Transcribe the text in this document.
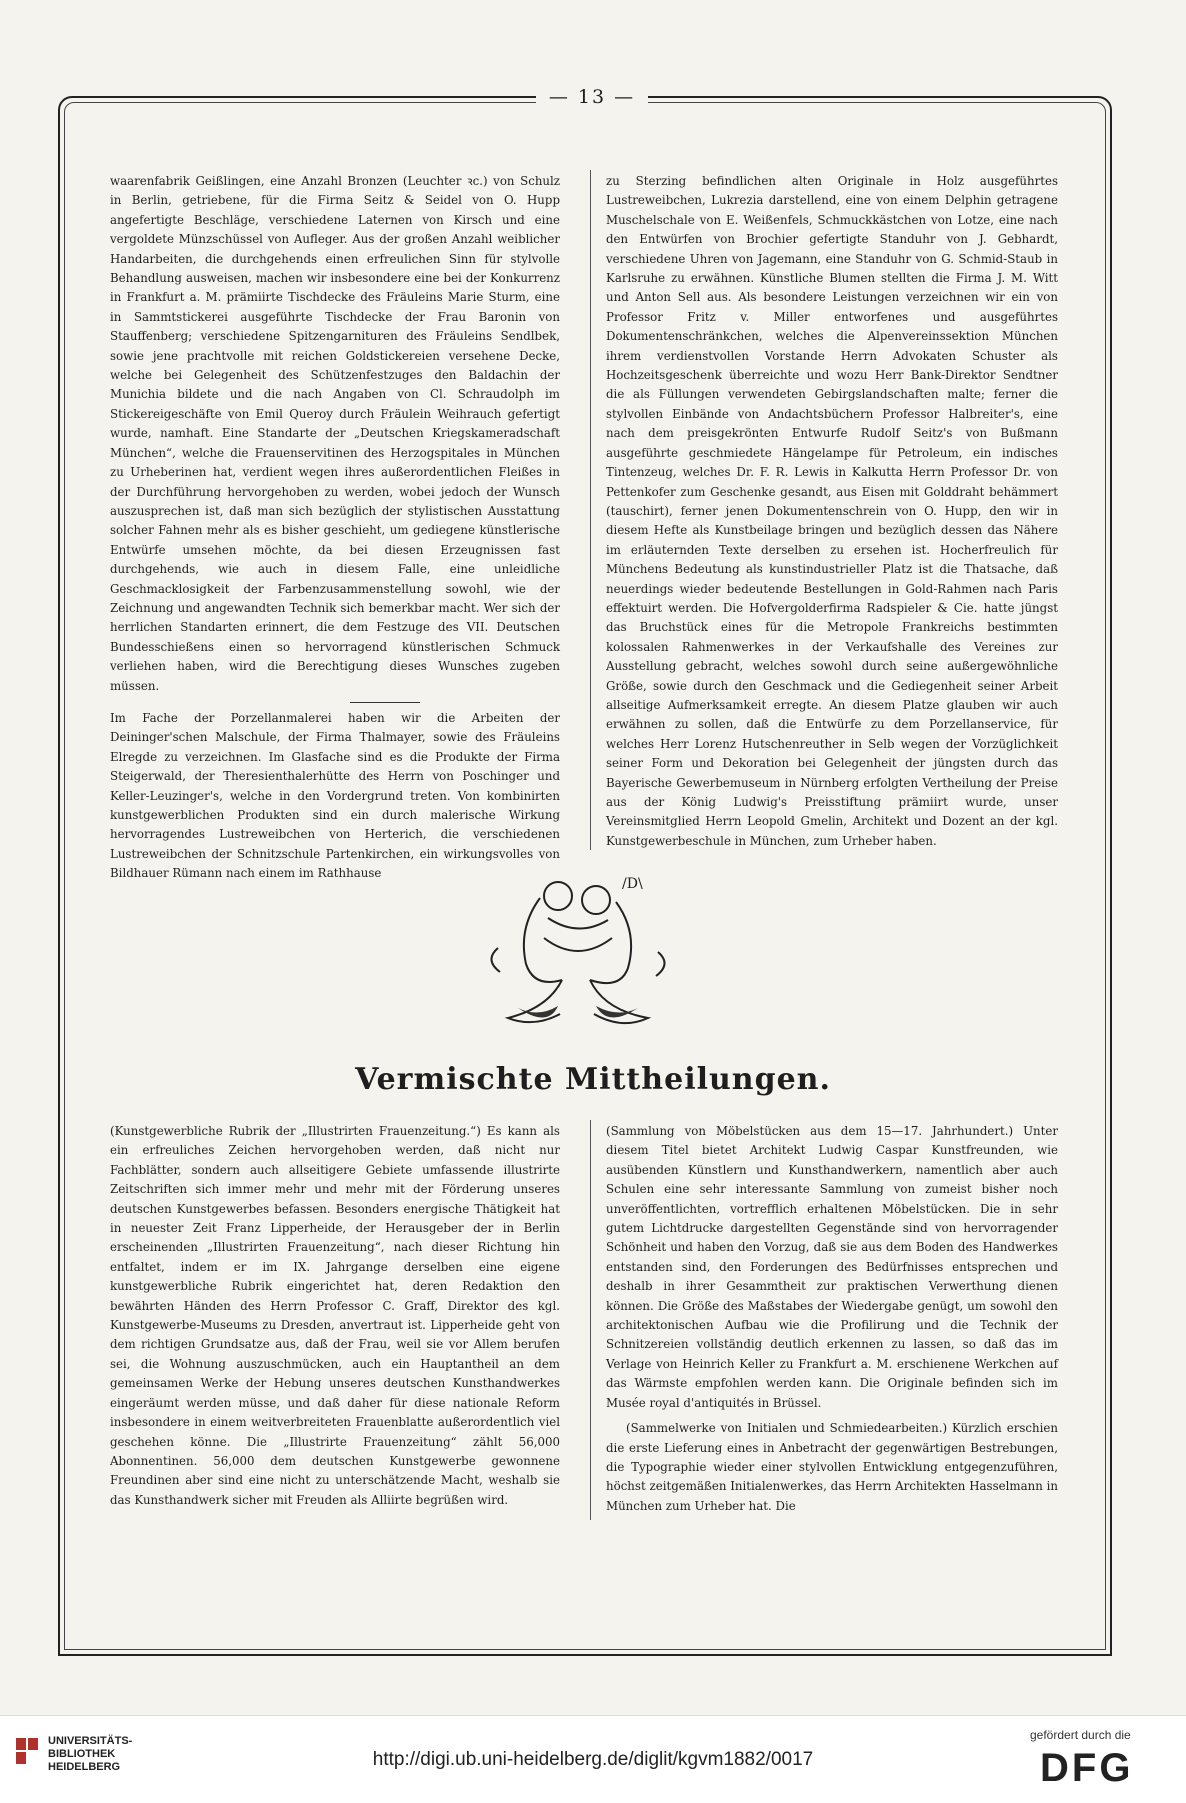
— 13 —

waarenfabrik Geißlingen, eine Anzahl Bronzen (Leuchter ꝛc.) von Schulz in Berlin, getriebene, für die Firma Seitz & Seidel von O. Hupp angefertigte Beschläge, verschiedene Laternen von Kirsch und eine vergoldete Münzschüssel von Aufleger. Aus der großen Anzahl weiblicher Handarbeiten, die durchgehends einen erfreulichen Sinn für stylvolle Behandlung ausweisen, machen wir insbesondere eine bei der Konkurrenz in Frankfurt a. M. prämiirte Tischdecke des Fräuleins Marie Sturm, eine in Sammtstickerei ausgeführte Tischdecke der Frau Baronin von Stauffenberg; verschiedene Spitzengarnituren des Fräuleins Sendlbek, sowie jene prachtvolle mit reichen Goldstickereien versehene Decke, welche bei Gelegenheit des Schützenfestzuges den Baldachin der Munichia bildete und die nach Angaben von Cl. Schraudolph im Stickereigeschäfte von Emil Queroy durch Fräulein Weihrauch gefertigt wurde, namhaft. Eine Standarte der „Deutschen Kriegskameradschaft München“, welche die Frauenservitinen des Herzogspitales in München zu Urheberinen hat, verdient wegen ihres außerordentlichen Fleißes in der Durchführung hervorgehoben zu werden, wobei jedoch der Wunsch auszusprechen ist, daß man sich bezüglich der stylistischen Ausstattung solcher Fahnen mehr als es bisher geschieht, um gediegene künstlerische Entwürfe umsehen möchte, da bei diesen Erzeugnissen fast durchgehends, wie auch in diesem Falle, eine unleidliche Geschmacklosigkeit der Farbenzusammenstellung sowohl, wie der Zeichnung und angewandten Technik sich bemerkbar macht. Wer sich der herrlichen Standarten erinnert, die dem Festzuge des VII. Deutschen Bundesschießens einen so hervorragend künstlerischen Schmuck verliehen haben, wird die Berechtigung dieses Wunsches zugeben müssen.

Im Fache der Porzellanmalerei haben wir die Arbeiten der Deininger'schen Malschule, der Firma Thalmayer, sowie des Fräuleins Elregde zu verzeichnen. Im Glasfache sind es die Produkte der Firma Steigerwald, der Theresienthalerhütte des Herrn von Poschinger und Keller-Leuzinger's, welche in den Vordergrund treten. Von kombinirten kunstgewerblichen Produkten sind ein durch malerische Wirkung hervorragendes Lustreweibchen von Herterich, die verschiedenen Lustreweibchen der Schnitzschule Partenkirchen, ein wirkungsvolles von Bildhauer Rümann nach einem im Rathhause

zu Sterzing befindlichen alten Originale in Holz ausgeführtes Lustreweibchen, Lukrezia darstellend, eine von einem Delphin getragene Muschelschale von E. Weißenfels, Schmuckkästchen von Lotze, eine nach den Entwürfen von Brochier gefertigte Standuhr von J. Gebhardt, verschiedene Uhren von Jagemann, eine Standuhr von G. Schmid-Staub in Karlsruhe zu erwähnen. Künstliche Blumen stellten die Firma J. M. Witt und Anton Sell aus. Als besondere Leistungen verzeichnen wir ein von Professor Fritz v. Miller entworfenes und ausgeführtes Dokumentenschränkchen, welches die Alpenvereinssektion München ihrem verdienstvollen Vorstande Herrn Advokaten Schuster als Hochzeitsgeschenk überreichte und wozu Herr Bank-Direktor Sendtner die als Füllungen verwendeten Gebirgslandschaften malte; ferner die stylvollen Einbände von Andachtsbüchern Professor Halbreiter's, eine nach dem preisgekrönten Entwurfe Rudolf Seitz's von Bußmann ausgeführte geschmiedete Hängelampe für Petroleum, ein indisches Tintenzeug, welches Dr. F. R. Lewis in Kalkutta Herrn Professor Dr. von Pettenkofer zum Geschenke gesandt, aus Eisen mit Golddraht behämmert (tauschirt), ferner jenen Dokumentenschrein von O. Hupp, den wir in diesem Hefte als Kunstbeilage bringen und bezüglich dessen das Nähere im erläuternden Texte derselben zu ersehen ist. Hocherfreulich für Münchens Bedeutung als kunstindustrieller Platz ist die Thatsache, daß neuerdings wieder bedeutende Bestellungen in Gold-Rahmen nach Paris effektuirt werden. Die Hofvergolderfirma Radspieler & Cie. hatte jüngst das Bruchstück eines für die Metropole Frankreichs bestimmten kolossalen Rahmenwerkes in der Verkaufshalle des Vereines zur Ausstellung gebracht, welches sowohl durch seine außergewöhnliche Größe, sowie durch den Geschmack und die Gediegenheit seiner Arbeit allseitige Aufmerksamkeit erregte. An diesem Platze glauben wir auch erwähnen zu sollen, daß die Entwürfe zu dem Porzellanservice, für welches Herr Lorenz Hutschenreuther in Selb wegen der Vorzüglichkeit seiner Form und Dekoration bei Gelegenheit der jüngsten durch das Bayerische Gewerbemuseum in Nürnberg erfolgten Vertheilung der Preise aus der König Ludwig's Preisstiftung prämiirt wurde, unser Vereinsmitglied Herrn Leopold Gmelin, Architekt und Dozent an der kgl. Kunstgewerbeschule in München, zum Urheber haben.

/D\
Vermischte Mittheilungen.

(Kunstgewerbliche Rubrik der „Illustrirten Frauenzeitung.“) Es kann als ein erfreuliches Zeichen hervorgehoben werden, daß nicht nur Fachblätter, sondern auch allseitigere Gebiete umfassende illustrirte Zeitschriften sich immer mehr und mehr mit der Förderung unseres deutschen Kunstgewerbes befassen. Besonders energische Thätigkeit hat in neuester Zeit Franz Lipperheide, der Herausgeber der in Berlin erscheinenden „Illustrirten Frauenzeitung“, nach dieser Richtung hin entfaltet, indem er im IX. Jahrgange derselben eine eigene kunstgewerbliche Rubrik eingerichtet hat, deren Redaktion den bewährten Händen des Herrn Professor C. Graff, Direktor des kgl. Kunstgewerbe-Museums zu Dresden, anvertraut ist. Lipperheide geht von dem richtigen Grundsatze aus, daß der Frau, weil sie vor Allem berufen sei, die Wohnung auszuschmücken, auch ein Hauptantheil an dem gemeinsamen Werke der Hebung unseres deutschen Kunsthandwerkes eingeräumt werden müsse, und daß daher für diese nationale Reform insbesondere in einem weitverbreiteten Frauenblatte außerordentlich viel geschehen könne. Die „Illustrirte Frauenzeitung“ zählt 56,000 Abonnentinen. 56,000 dem deutschen Kunstgewerbe gewonnene Freundinen aber sind eine nicht zu unterschätzende Macht, weshalb sie das Kunsthandwerk sicher mit Freuden als Alliirte begrüßen wird.

(Sammlung von Möbelstücken aus dem 15—17. Jahrhundert.) Unter diesem Titel bietet Architekt Ludwig Caspar Kunstfreunden, wie ausübenden Künstlern und Kunsthandwerkern, namentlich aber auch Schulen eine sehr interessante Sammlung von zumeist bisher noch unveröffentlichten, vortrefflich erhaltenen Möbelstücken. Die in sehr gutem Lichtdrucke dargestellten Gegenstände sind von hervorragender Schönheit und haben den Vorzug, daß sie aus dem Boden des Handwerkes entstanden sind, den Forderungen des Bedürfnisses entsprechen und deshalb in ihrer Gesammtheit zur praktischen Verwerthung dienen können. Die Größe des Maßstabes der Wiedergabe genügt, um sowohl den architektonischen Aufbau wie die Profilirung und die Technik der Schnitzereien vollständig deutlich erkennen zu lassen, so daß das im Verlage von Heinrich Keller zu Frankfurt a. M. erschienene Werkchen auf das Wärmste empfohlen werden kann. Die Originale befinden sich im Musée royal d'antiquités in Brüssel.

(Sammelwerke von Initialen und Schmiedearbeiten.) Kürzlich erschien die erste Lieferung eines in Anbetracht der gegenwärtigen Bestrebungen, die Typographie wieder einer stylvollen Entwicklung entgegenzuführen, höchst zeitgemäßen Initialenwerkes, das Herrn Architekten Hasselmann in München zum Urheber hat. Die

UNIVERSITÄTS-
BIBLIOTHEK
HEIDELBERG	http://digi.ub.uni-heidelberg.de/diglit/kgvm1882/0017
gefördert durch die
DFG
